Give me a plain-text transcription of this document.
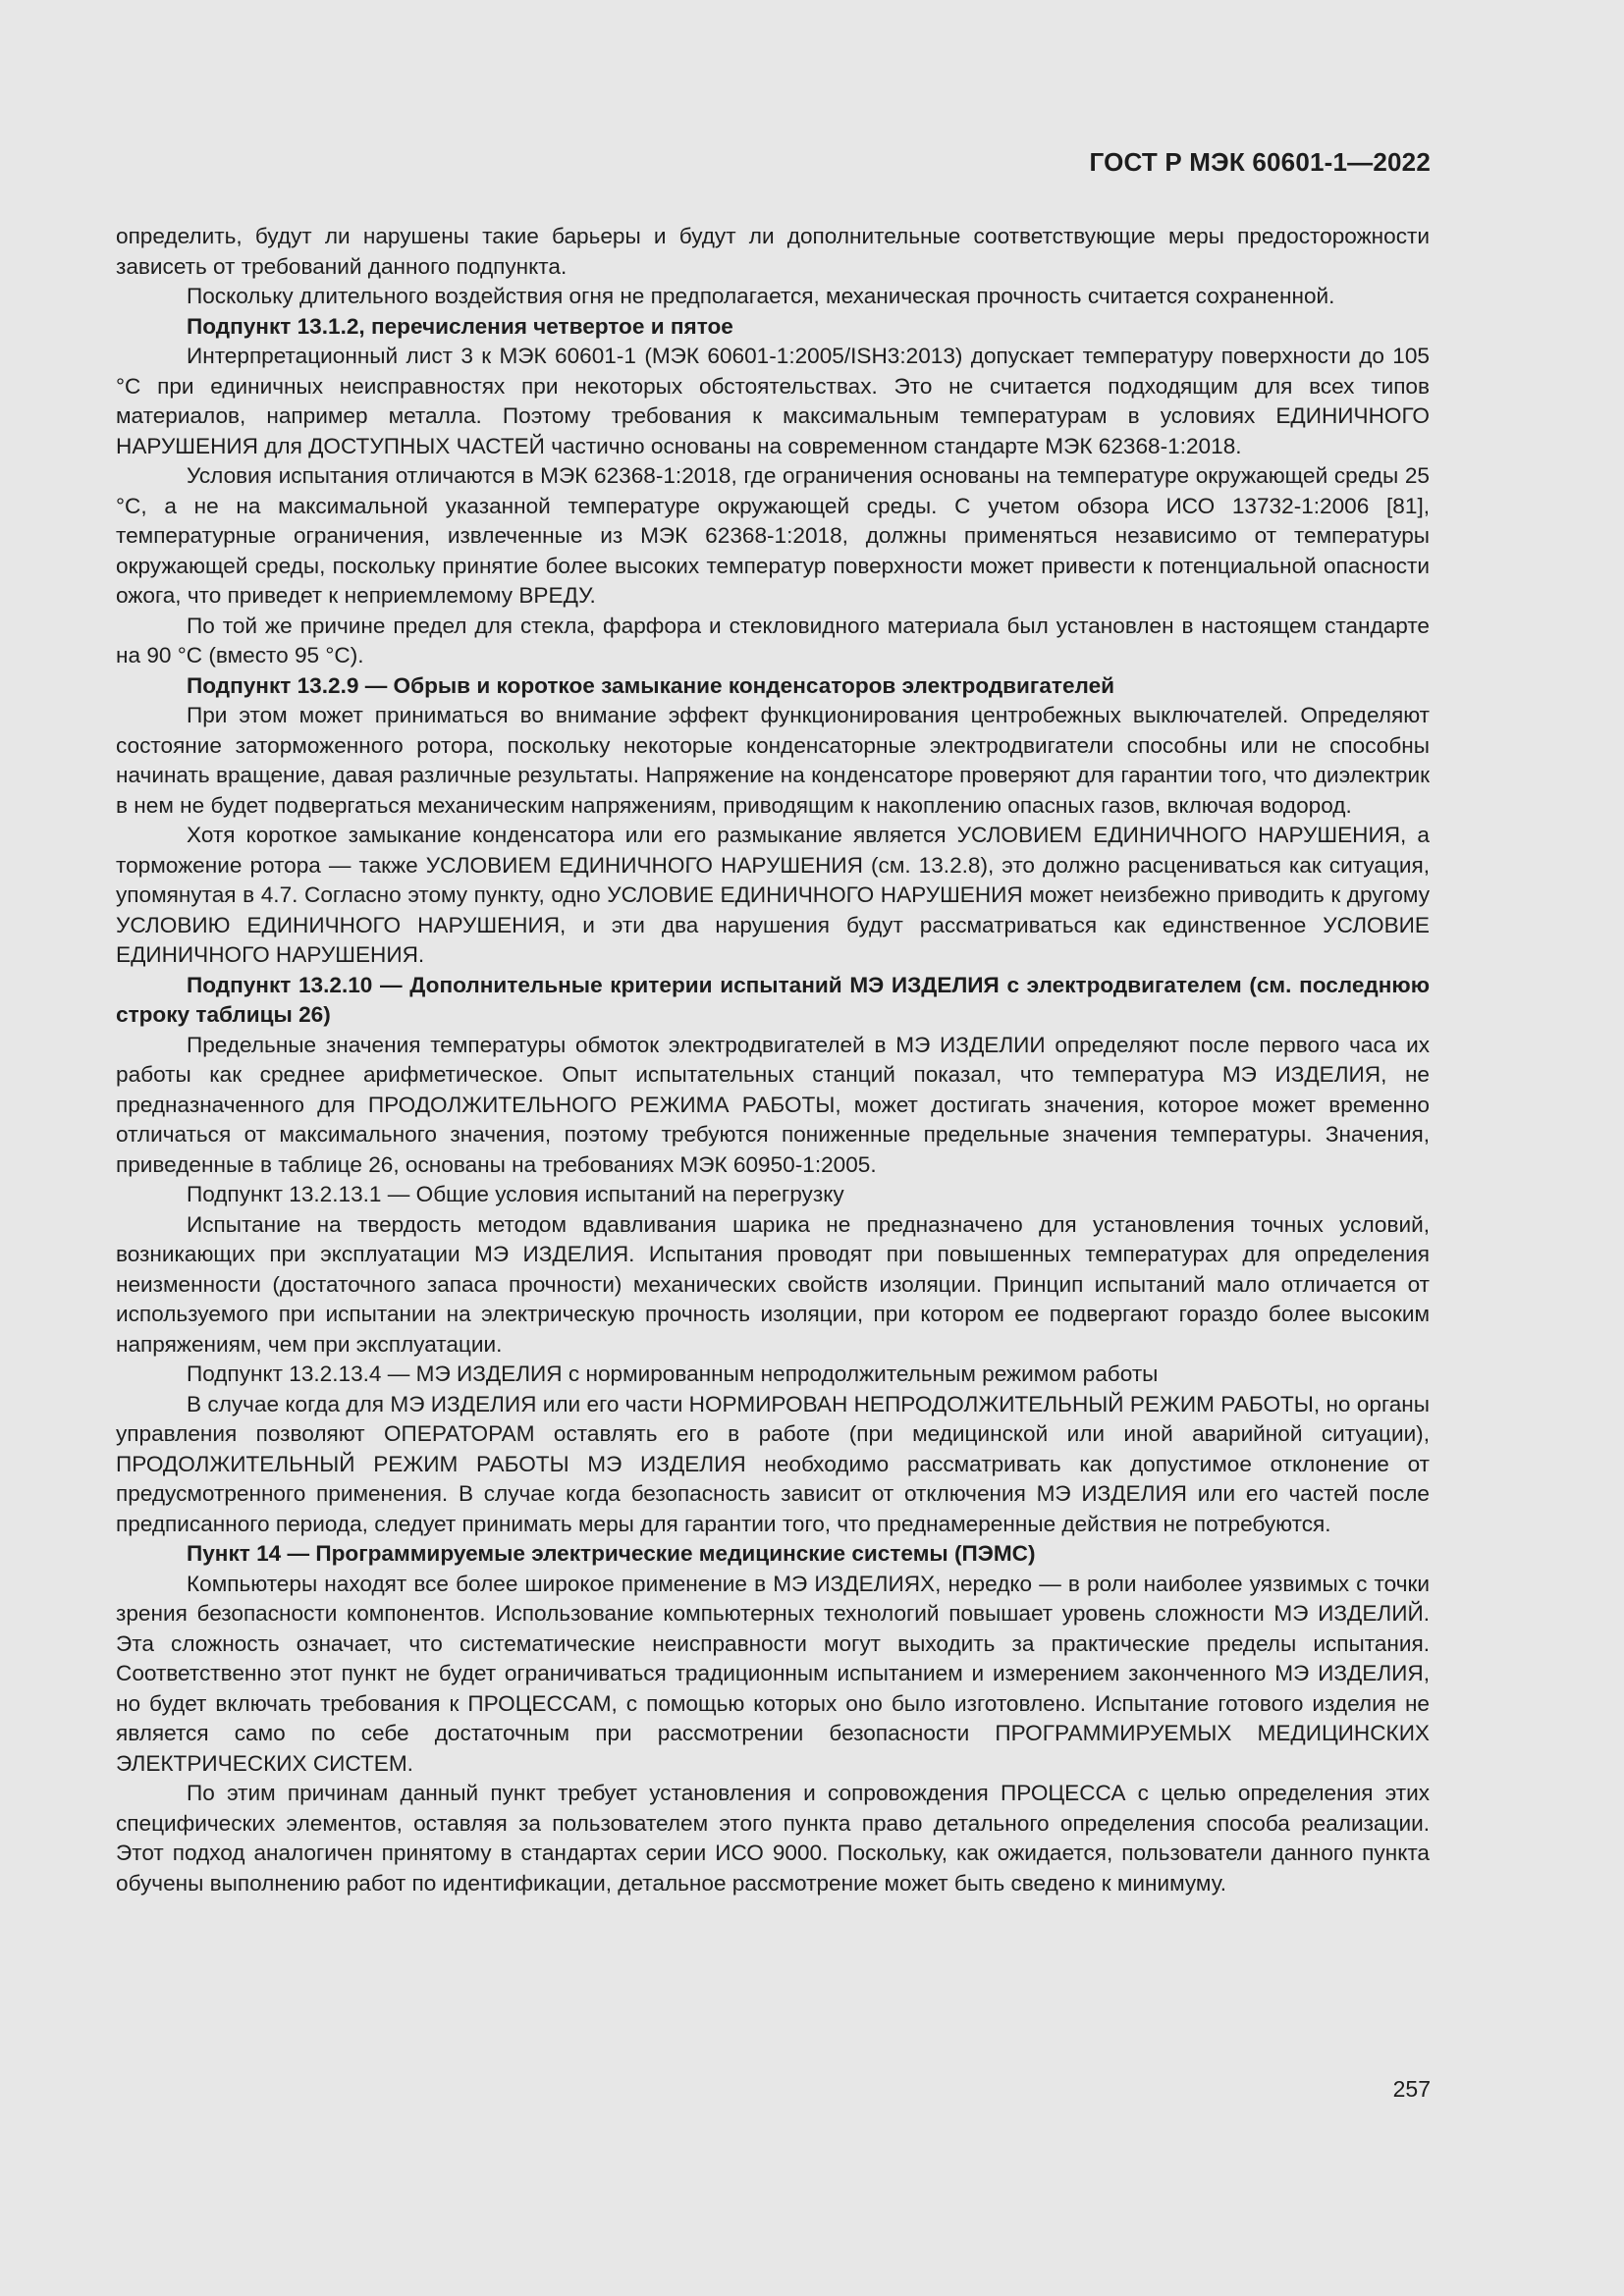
ГОСТ Р МЭК 60601-1—2022

определить, будут ли нарушены такие барьеры и будут ли дополнительные соответствующие меры предосторожности зависеть от требований данного подпункта.

Поскольку длительного воздействия огня не предполагается, механическая прочность считается сохраненной.

Подпункт 13.1.2, перечисления четвертое и пятое

Интерпретационный лист 3 к МЭК 60601-1 (МЭК 60601-1:2005/ISH3:2013) допускает температуру поверхности до 105 °С при единичных неисправностях при некоторых обстоятельствах. Это не считается подходящим для всех типов материалов, например металла. Поэтому требования к максимальным температурам в условиях ЕДИНИЧНОГО НАРУШЕНИЯ для ДОСТУПНЫХ ЧАСТЕЙ частично основаны на современном стандарте МЭК 62368-1:2018.

Условия испытания отличаются в МЭК 62368-1:2018, где ограничения основаны на температуре окружающей среды 25 °С, а не на максимальной указанной температуре окружающей среды. С учетом обзора ИСО 13732-1:2006 [81], температурные ограничения, извлеченные из МЭК 62368-1:2018, должны применяться независимо от температуры окружающей среды, поскольку принятие более высоких температур поверхности может привести к потенциальной опасности ожога, что приведет к неприемлемому ВРЕДУ.

По той же причине предел для стекла, фарфора и стекловидного материала был установлен в настоящем стандарте на 90 °С (вместо 95 °С).

Подпункт 13.2.9 — Обрыв и короткое замыкание конденсаторов электродвигателей

При этом может приниматься во внимание эффект функционирования центробежных выключателей. Определяют состояние заторможенного ротора, поскольку некоторые конденсаторные электродвигатели способны или не способны начинать вращение, давая различные результаты. Напряжение на конденсаторе проверяют для гарантии того, что диэлектрик в нем не будет подвергаться механическим напряжениям, приводящим к накоплению опасных газов, включая водород.

Хотя короткое замыкание конденсатора или его размыкание является УСЛОВИЕМ ЕДИНИЧНОГО НАРУШЕНИЯ, а торможение ротора — также УСЛОВИЕМ ЕДИНИЧНОГО НАРУШЕНИЯ (см. 13.2.8), это должно расцениваться как ситуация, упомянутая в 4.7. Согласно этому пункту, одно УСЛОВИЕ ЕДИНИЧНОГО НАРУШЕНИЯ может неизбежно приводить к другому УСЛОВИЮ ЕДИНИЧНОГО НАРУШЕНИЯ, и эти два нарушения будут рассматриваться как единственное УСЛОВИЕ ЕДИНИЧНОГО НАРУШЕНИЯ.

Подпункт 13.2.10 — Дополнительные критерии испытаний МЭ ИЗДЕЛИЯ с электродвигателем (см. последнюю строку таблицы 26)

Предельные значения температуры обмоток электродвигателей в МЭ ИЗДЕЛИИ определяют после первого часа их работы как среднее арифметическое. Опыт испытательных станций показал, что температура МЭ ИЗДЕЛИЯ, не предназначенного для ПРОДОЛЖИТЕЛЬНОГО РЕЖИМА РАБОТЫ, может достигать значения, которое может временно отличаться от максимального значения, поэтому требуются пониженные предельные значения температуры. Значения, приведенные в таблице 26, основаны на требованиях МЭК 60950-1:2005.

Подпункт 13.2.13.1 — Общие условия испытаний на перегрузку

Испытание на твердость методом вдавливания шарика не предназначено для установления точных условий, возникающих при эксплуатации МЭ ИЗДЕЛИЯ. Испытания проводят при повышенных температурах для определения неизменности (достаточного запаса прочности) механических свойств изоляции. Принцип испытаний мало отличается от используемого при испытании на электрическую прочность изоляции, при котором ее подвергают гораздо более высоким напряжениям, чем при эксплуатации.

Подпункт 13.2.13.4 — МЭ ИЗДЕЛИЯ с нормированным непродолжительным режимом работы

В случае когда для МЭ ИЗДЕЛИЯ или его части НОРМИРОВАН НЕПРОДОЛЖИТЕЛЬНЫЙ РЕЖИМ РАБОТЫ, но органы управления позволяют ОПЕРАТОРАМ оставлять его в работе (при медицинской или иной аварийной ситуации), ПРОДОЛЖИТЕЛЬНЫЙ РЕЖИМ РАБОТЫ МЭ ИЗДЕЛИЯ необходимо рассматривать как допустимое отклонение от предусмотренного применения. В случае когда безопасность зависит от отключения МЭ ИЗДЕЛИЯ или его частей после предписанного периода, следует принимать меры для гарантии того, что преднамеренные действия не потребуются.

Пункт 14 — Программируемые электрические медицинские системы (ПЭМС)

Компьютеры находят все более широкое применение в МЭ ИЗДЕЛИЯХ, нередко — в роли наиболее уязвимых с точки зрения безопасности компонентов. Использование компьютерных технологий повышает уровень сложности МЭ ИЗДЕЛИЙ. Эта сложность означает, что систематические неисправности могут выходить за практические пределы испытания. Соответственно этот пункт не будет ограничиваться традиционным испытанием и измерением законченного МЭ ИЗДЕЛИЯ, но будет включать требования к ПРОЦЕССАМ, с помощью которых оно было изготовлено. Испытание готового изделия не является само по себе достаточным при рассмотрении безопасности ПРОГРАММИРУЕМЫХ МЕДИЦИНСКИХ ЭЛЕКТРИЧЕСКИХ СИСТЕМ.

По этим причинам данный пункт требует установления и сопровождения ПРОЦЕССА с целью определения этих специфических элементов, оставляя за пользователем этого пункта право детального определения способа реализации. Этот подход аналогичен принятому в стандартах серии ИСО 9000. Поскольку, как ожидается, пользователи данного пункта обучены выполнению работ по идентификации, детальное рассмотрение может быть сведено к минимуму.

257
